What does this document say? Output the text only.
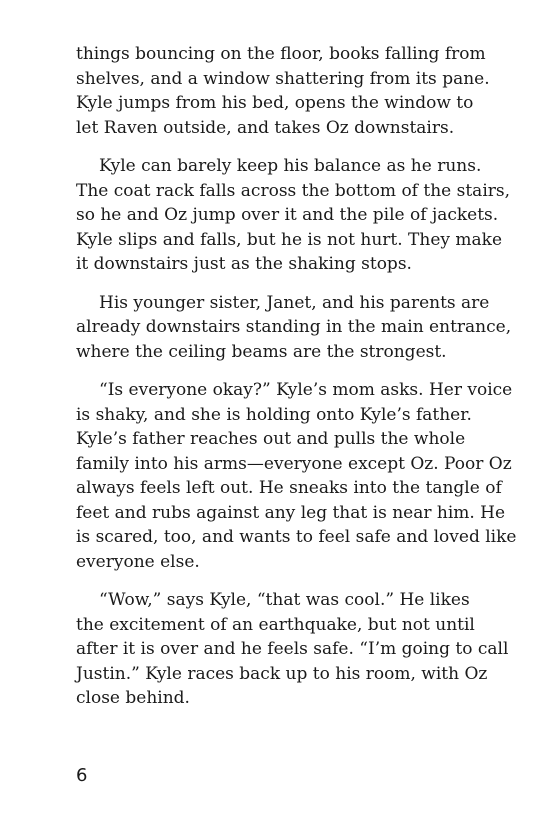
things bouncing on the floor, books falling from
shelves, and a window shattering from its pane.
Kyle jumps from his bed, opens the window to
let Raven outside, and takes Oz downstairs.

Kyle can barely keep his balance as he runs.
The coat rack falls across the bottom of the stairs,
so he and Oz jump over it and the pile of jackets.
Kyle slips and falls, but he is not hurt. They make
it downstairs just as the shaking stops.

His younger sister, Janet, and his parents are
already downstairs standing in the main entrance,
where the ceiling beams are the strongest.

“Is everyone okay?” Kyle’s mom asks. Her voice
is shaky, and she is holding onto Kyle’s father.
Kyle’s father reaches out and pulls the whole
family into his arms—everyone except Oz. Poor Oz
always feels left out. He sneaks into the tangle of
feet and rubs against any leg that is near him. He
is scared, too, and wants to feel safe and loved like
everyone else.

“Wow,” says Kyle, “that was cool.” He likes
the excitement of an earthquake, but not until
after it is over and he feels safe. “I’m going to call
Justin.” Kyle races back up to his room, with Oz
close behind.

6
